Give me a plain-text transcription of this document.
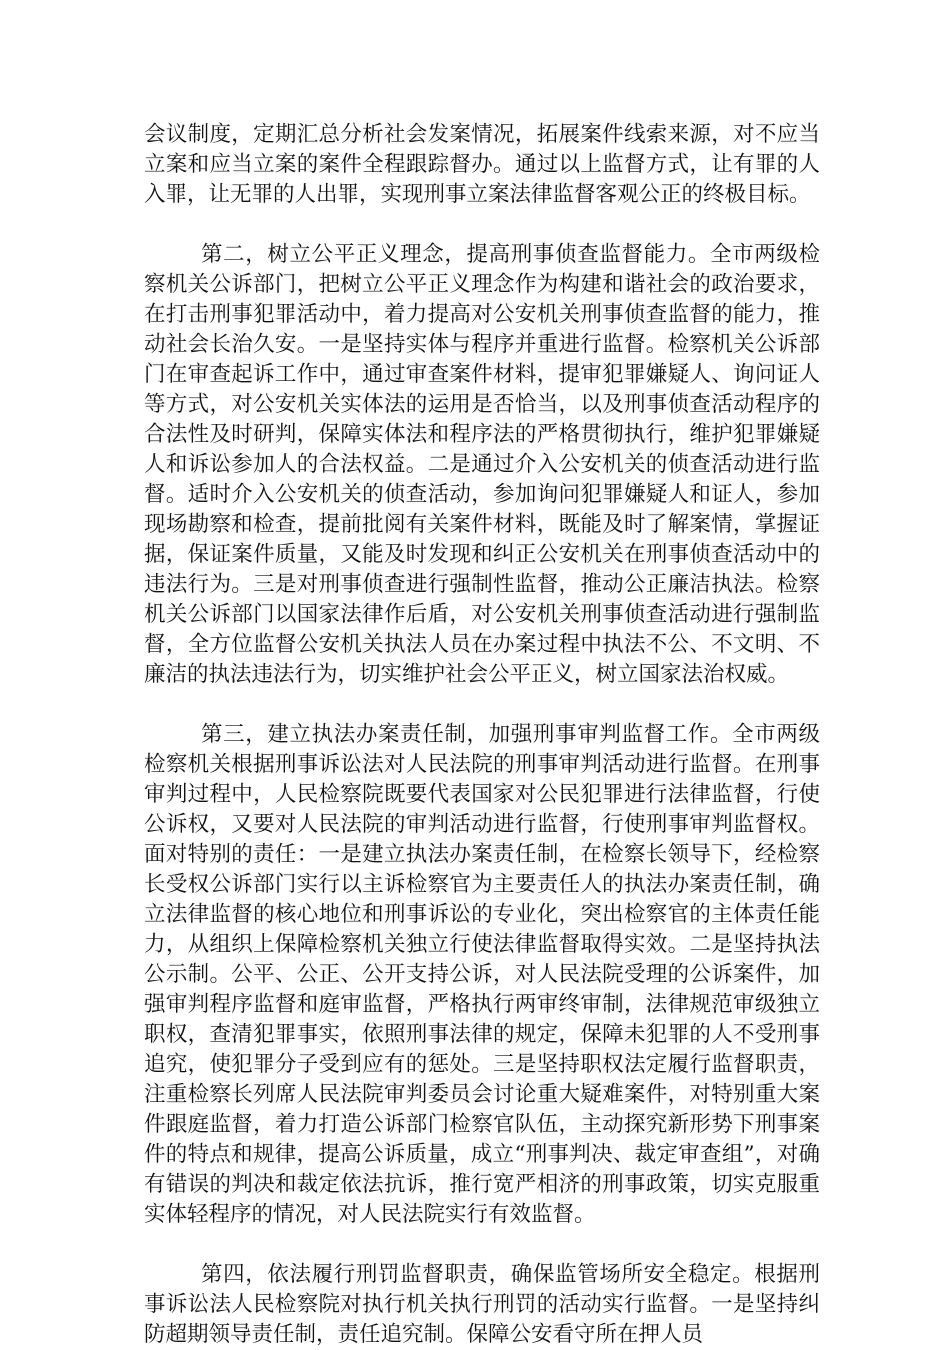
会议制度，定期汇总分析社会发案情况，拓展案件线索来源，对不应当立案和应当立案的案件全程跟踪督办。通过以上监督方式，让有罪的人入罪，让无罪的人出罪，实现刑事立案法律监督客观公正的终极目标。

第二，树立公平正义理念，提高刑事侦查监督能力。全市两级检察机关公诉部门，把树立公平正义理念作为构建和谐社会的政治要求，在打击刑事犯罪活动中，着力提高对公安机关刑事侦查监督的能力，推动社会长治久安。一是坚持实体与程序并重进行监督。检察机关公诉部门在审查起诉工作中，通过审查案件材料，提审犯罪嫌疑人、询问证人等方式，对公安机关实体法的运用是否恰当，以及刑事侦查活动程序的合法性及时研判，保障实体法和程序法的严格贯彻执行，维护犯罪嫌疑人和诉讼参加人的合法权益。二是通过介入公安机关的侦查活动进行监督。适时介入公安机关的侦查活动，参加询问犯罪嫌疑人和证人，参加现场勘察和检查，提前批阅有关案件材料，既能及时了解案情，掌握证据，保证案件质量，又能及时发现和纠正公安机关在刑事侦查活动中的违法行为。三是对刑事侦查进行强制性监督，推动公正廉洁执法。检察机关公诉部门以国家法律作后盾，对公安机关刑事侦查活动进行强制监督，全方位监督公安机关执法人员在办案过程中执法不公、不文明、不廉洁的执法违法行为，切实维护社会公平正义，树立国家法治权威。

第三，建立执法办案责任制，加强刑事审判监督工作。全市两级检察机关根据刑事诉讼法对人民法院的刑事审判活动进行监督。在刑事审判过程中，人民检察院既要代表国家对公民犯罪进行法律监督，行使公诉权，又要对人民法院的审判活动进行监督，行使刑事审判监督权。面对特别的责任：一是建立执法办案责任制，在检察长领导下，经检察长受权公诉部门实行以主诉检察官为主要责任人的执法办案责任制，确立法律监督的核心地位和刑事诉讼的专业化，突出检察官的主体责任能力，从组织上保障检察机关独立行使法律监督取得实效。二是坚持执法公示制。公平、公正、公开支持公诉，对人民法院受理的公诉案件，加强审判程序监督和庭审监督，严格执行两审终审制，法律规范审级独立职权，查清犯罪事实，依照刑事法律的规定，保障未犯罪的人不受刑事追究，使犯罪分子受到应有的惩处。三是坚持职权法定履行监督职责，注重检察长列席人民法院审判委员会讨论重大疑难案件，对特别重大案件跟庭监督，着力打造公诉部门检察官队伍，主动探究新形势下刑事案件的特点和规律，提高公诉质量，成立“刑事判决、裁定审查组”，对确有错误的判决和裁定依法抗诉，推行宽严相济的刑事政策，切实克服重实体轻程序的情况，对人民法院实行有效监督。

第四，依法履行刑罚监督职责，确保监管场所安全稳定。根据刑事诉讼法人民检察院对执行机关执行刑罚的活动实行监督。一是坚持纠防超期领导责任制，责任追究制。保障公安看守所在押人员
